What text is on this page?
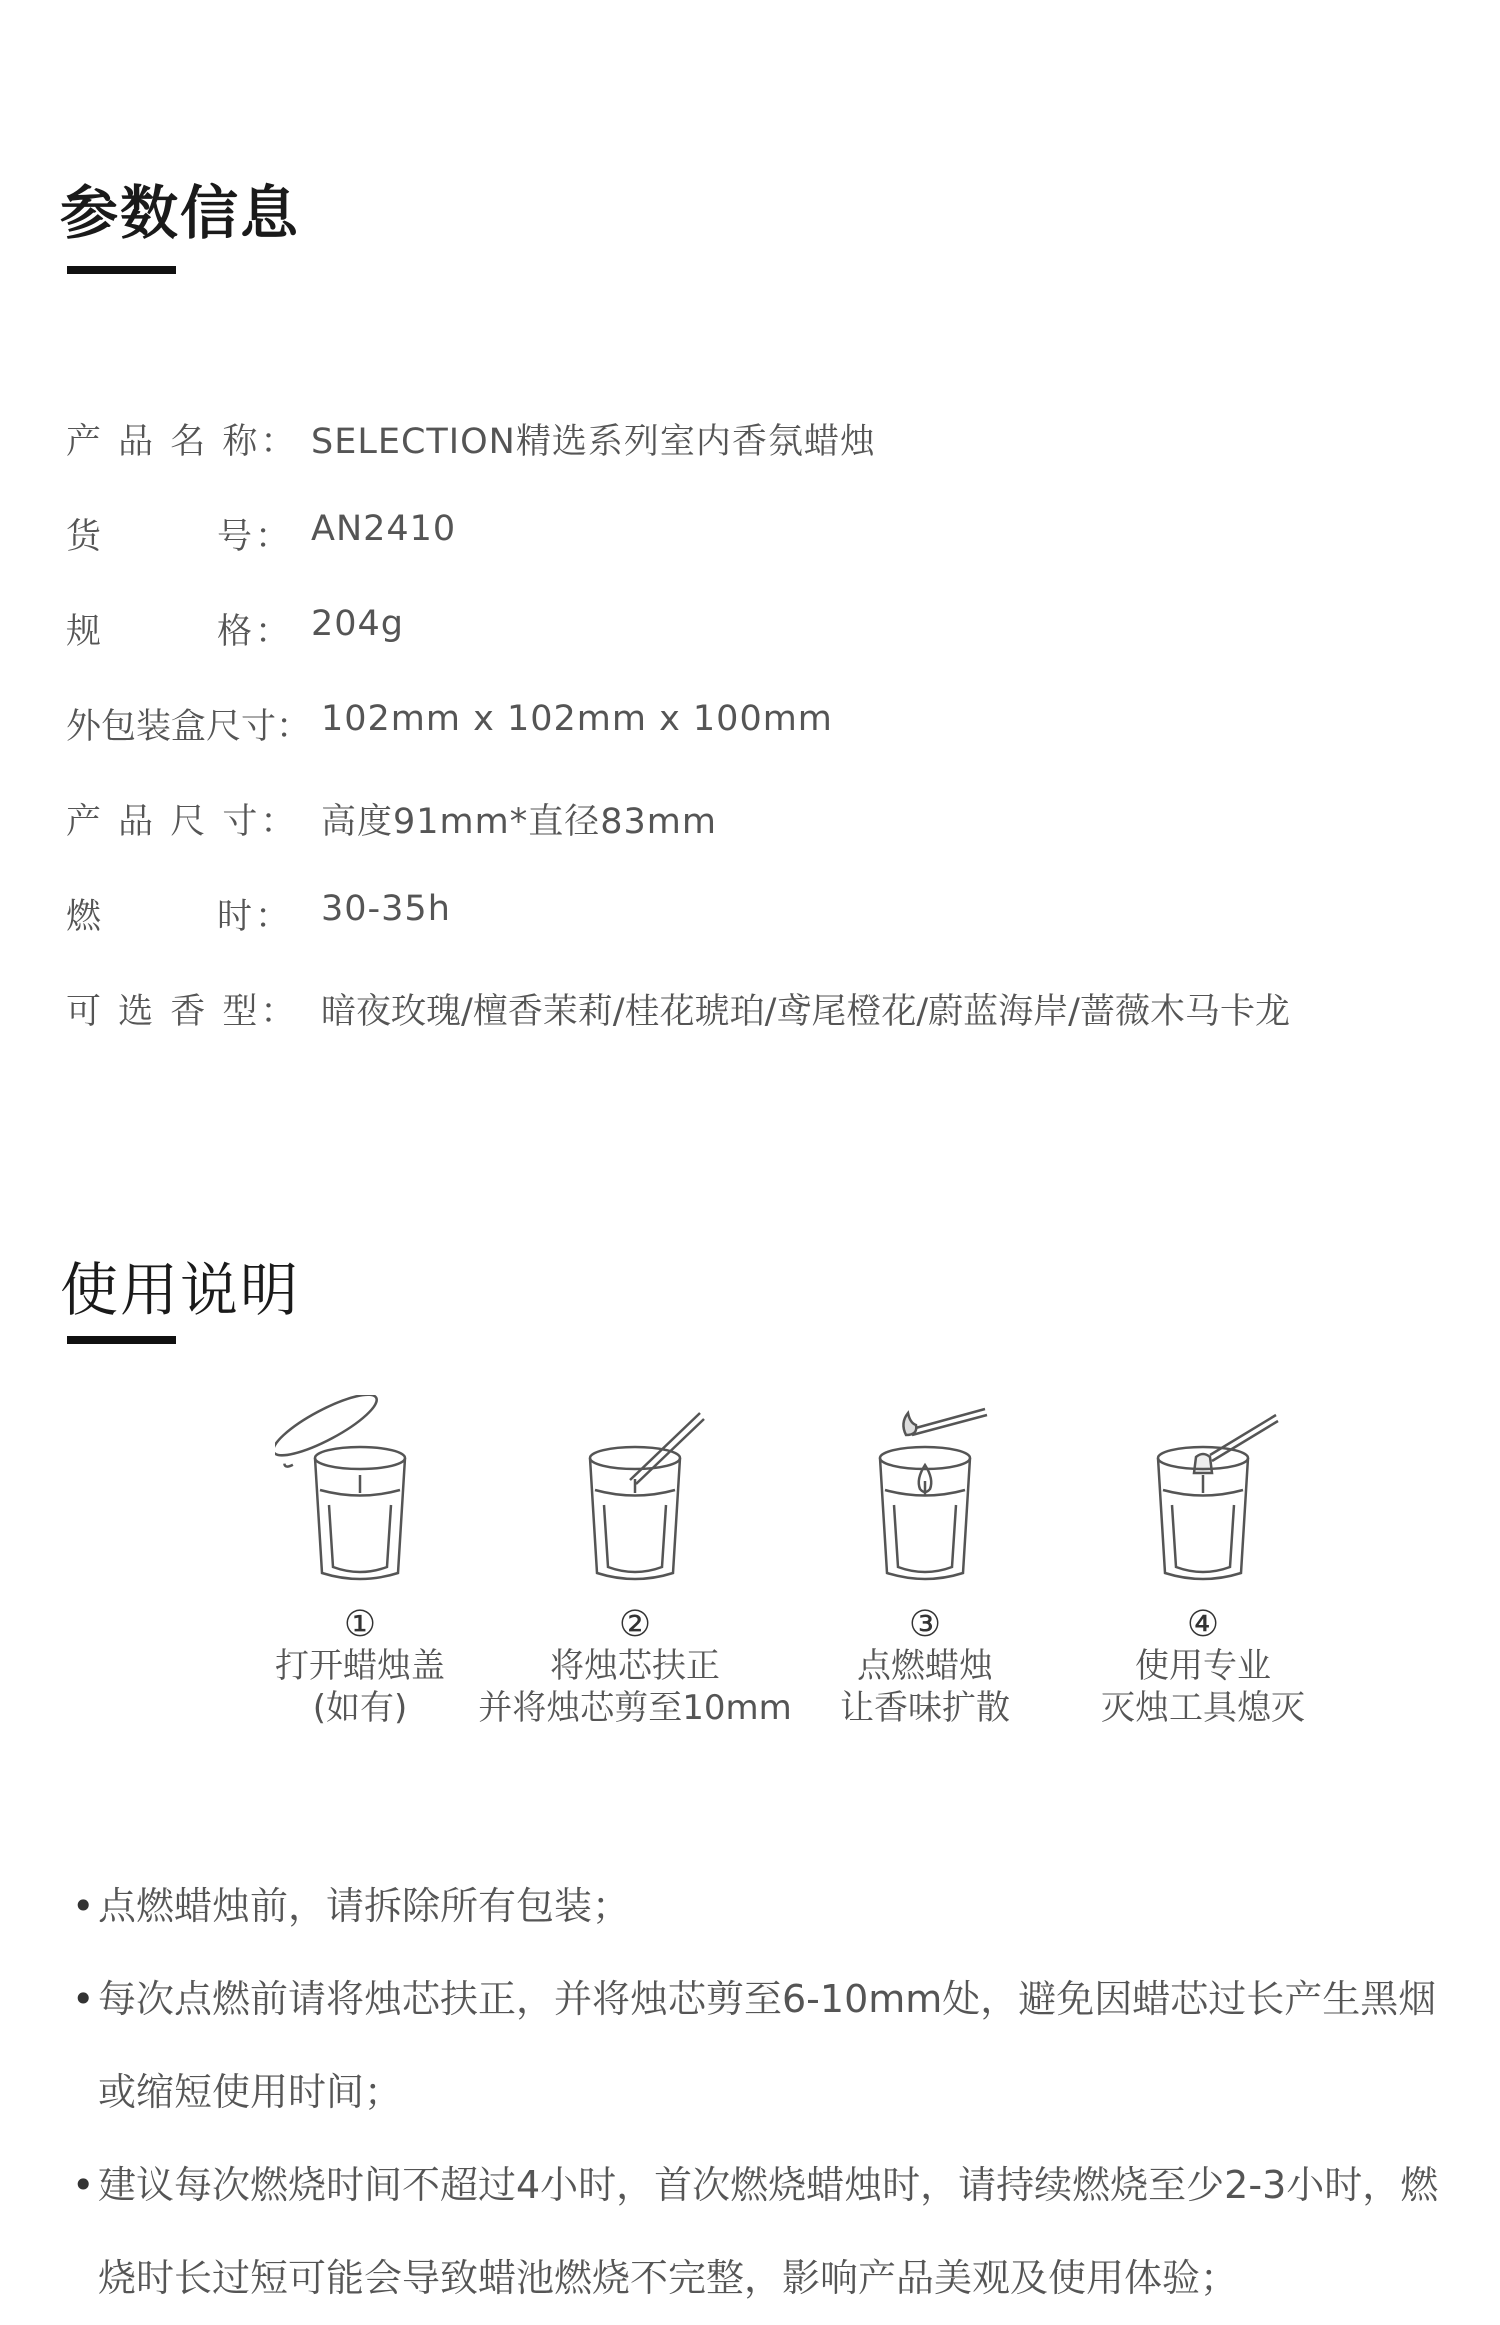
参数信息
产 品 名 称： SELECTION精选系列室内香氛蜡烛
货        号： AN2410
规        格： 204g
外包装盒尺寸： 102mm x 102mm x 100mm
产 品 尺 寸： 高度91mm*直径83mm
燃        时： 30-35h
可 选 香 型： 暗夜玫瑰/檀香茉莉/桂花琥珀/鸢尾橙花/蔚蓝海岸/蔷薇木马卡龙
使用说明
①
打开蜡烛盖
(如有)
②
将烛芯扶正
并将烛芯剪至10mm
③
点燃蜡烛
让香味扩散
④
使用专业
灭烛工具熄灭
• 点燃蜡烛前，请拆除所有包装；
• 每次点燃前请将烛芯扶正，并将烛芯剪至6-10mm处，避免因蜡芯过长产生黑烟或缩短使用时间；
• 建议每次燃烧时间不超过4小时，首次燃烧蜡烛时，请持续燃烧至少2-3小时，燃烧时长过短可能会导致蜡池燃烧不完整，影响产品美观及使用体验；
